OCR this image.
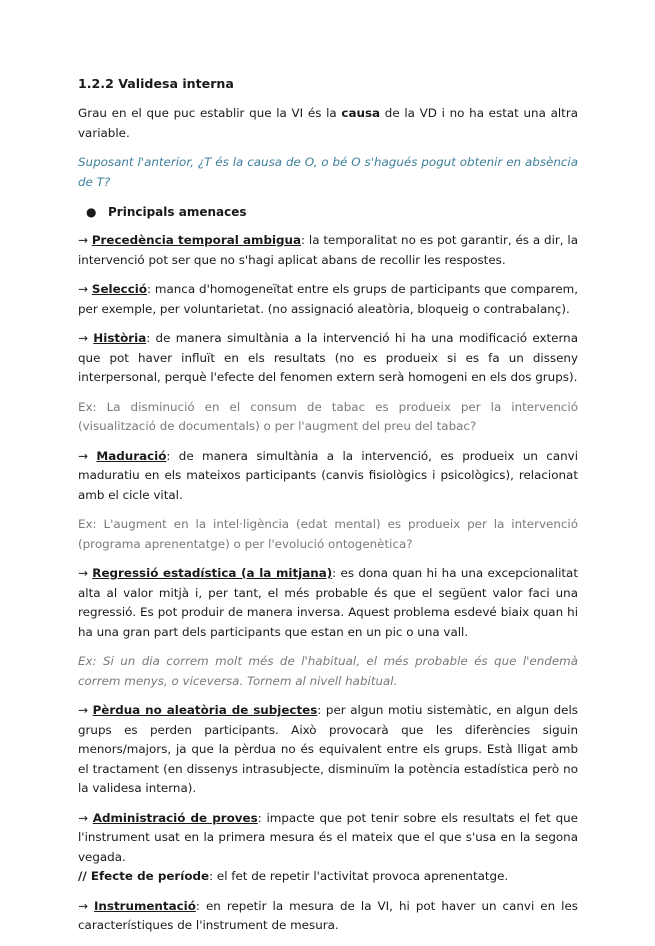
1.2.2 Validesa interna

Grau en el que puc establir que la VI és la causa de la VD i no ha estat una altra variable.

Suposant l'anterior, ¿T és la causa de O, o bé O s'hagués pogut obtenir en absència de T?

● Principals amenaces

→ Precedència temporal ambigua: la temporalitat no es pot garantir, és a dir, la intervenció pot ser que no s'hagi aplicat abans de recollir les respostes.

→ Selecció: manca d'homogeneïtat entre els grups de participants que comparem, per exemple, per voluntarietat. (no assignació aleatòria, bloqueig o contrabalanç).

→ Història: de manera simultània a la intervenció hi ha una modificació externa que pot haver influït en els resultats (no es produeix si es fa un disseny interpersonal, perquè l'efecte del fenomen extern serà homogeni en els dos grups).

Ex: La disminució en el consum de tabac es produeix per la intervenció (visualització de documentals) o per l'augment del preu del tabac?

→ Maduració: de manera simultània a la intervenció, es produeix un canvi maduratiu en els mateixos participants (canvis fisiològics i psicològics), relacionat amb el cicle vital.

Ex: L'augment en la intel·ligència (edat mental) es produeix per la intervenció (programa aprenentatge) o per l'evolució ontogenètica?

→ Regressió estadística (a la mitjana): es dona quan hi ha una excepcionalitat alta al valor mitjà i, per tant, el més probable és que el següent valor faci una regressió. Es pot produir de manera inversa. Aquest problema esdevé biaix quan hi ha una gran part dels participants que estan en un pic o una vall.

Ex: Si un dia correm molt més de l'habitual, el més probable és que l'endemà correm menys, o viceversa. Tornem al nivell habitual.

→ Pèrdua no aleatòria de subjectes: per algun motiu sistemàtic, en algun dels grups es perden participants. Això provocarà que les diferències siguin menors/majors, ja que la pèrdua no és equivalent entre els grups. Està lligat amb el tractament (en dissenys intrasubjecte, disminuïm la potència estadística però no la validesa interna).

→ Administració de proves: impacte que pot tenir sobre els resultats el fet que l'instrument usat en la primera mesura és el mateix que el que s'usa en la segona vegada.

// Efecte de període: el fet de repetir l'activitat provoca aprenentatge.

→ Instrumentació: en repetir la mesura de la VI, hi pot haver un canvi en les característiques de l'instrument de mesura.
